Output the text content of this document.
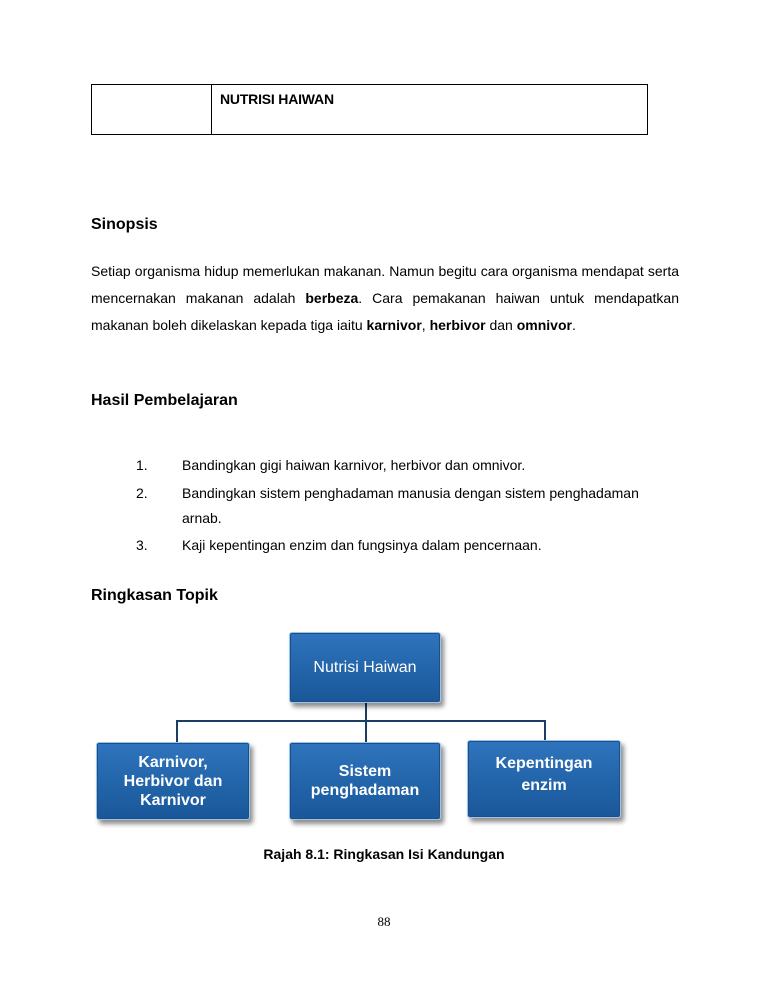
NUTRISI HAIWAN
Sinopsis
Setiap organisma hidup memerlukan makanan. Namun begitu cara organisma mendapat serta mencernakan makanan adalah berbeza. Cara pemakanan haiwan untuk mendapatkan makanan boleh dikelaskan kepada tiga iaitu karnivor, herbivor dan omnivor.
Hasil Pembelajaran
1. Bandingkan gigi haiwan karnivor, herbivor dan omnivor.
2. Bandingkan sistem penghadaman manusia dengan sistem penghadaman
arnab.
3. Kaji kepentingan enzim dan fungsinya dalam pencernaan.
Ringkasan Topik
Nutrisi Haiwan
Karnivor,
Herbivor dan
Karnivor
Sistem
penghadaman
Kepentingan
enzim
Rajah 8.1: Ringkasan Isi Kandungan
88
